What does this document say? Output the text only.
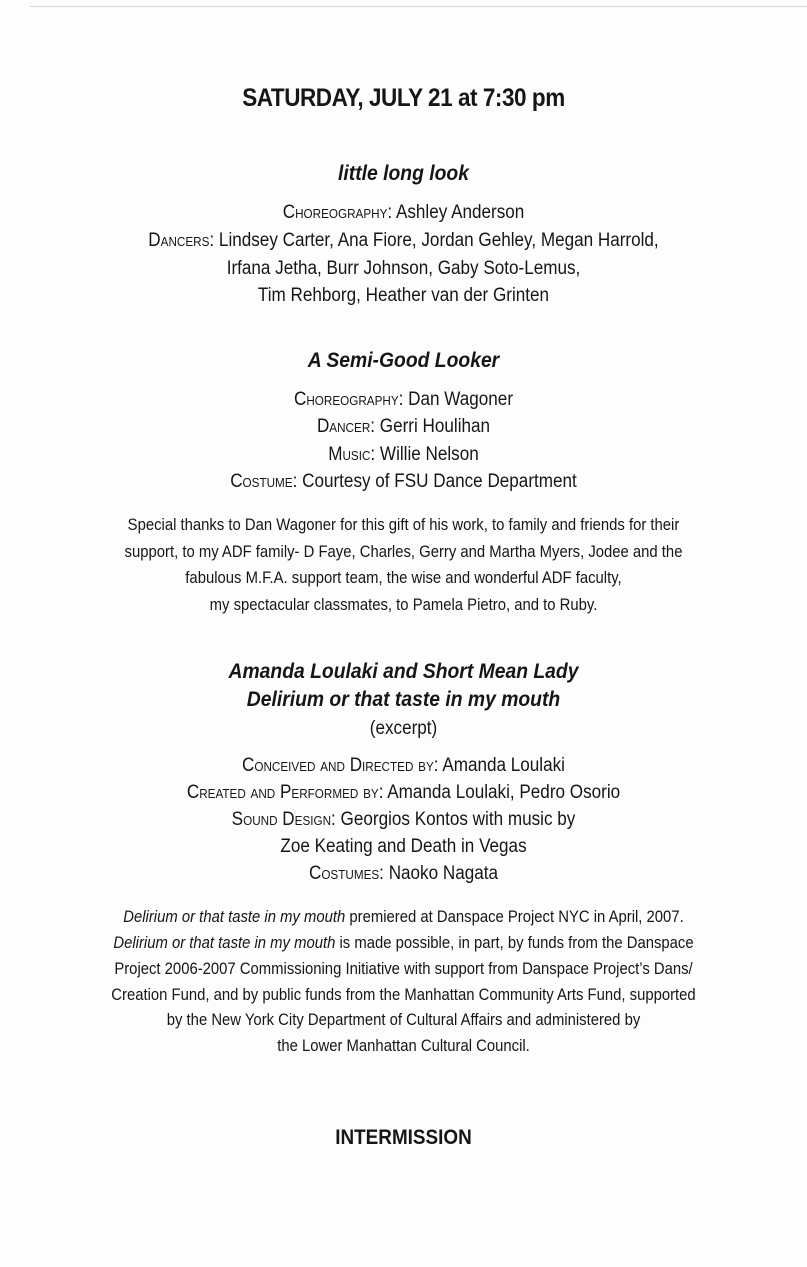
SATURDAY, JULY 21 at 7:30 pm
little long look
Choreography: Ashley Anderson
Dancers: Lindsey Carter, Ana Fiore, Jordan Gehley, Megan Harrold,
Irfana Jetha, Burr Johnson, Gaby Soto-Lemus,
Tim Rehborg, Heather van der Grinten
A Semi-Good Looker
Choreography: Dan Wagoner
Dancer: Gerri Houlihan
Music: Willie Nelson
Costume: Courtesy of FSU Dance Department
Special thanks to Dan Wagoner for this gift of his work, to family and friends for their
support, to my ADF family- D Faye, Charles, Gerry and Martha Myers, Jodee and the
fabulous M.F.A. support team, the wise and wonderful ADF faculty,
my spectacular classmates, to Pamela Pietro, and to Ruby.
Amanda Loulaki and Short Mean Lady
Delirium or that taste in my mouth
(excerpt)
Conceived and Directed by: Amanda Loulaki
Created and Performed by: Amanda Loulaki, Pedro Osorio
Sound Design: Georgios Kontos with music by
Zoe Keating and Death in Vegas
Costumes: Naoko Nagata
Delirium or that taste in my mouth premiered at Danspace Project NYC in April, 2007.
Delirium or that taste in my mouth is made possible, in part, by funds from the Danspace
Project 2006-2007 Commissioning Initiative with support from Danspace Project’s Dans/
Creation Fund, and by public funds from the Manhattan Community Arts Fund, supported
by the New York City Department of Cultural Affairs and administered by
the Lower Manhattan Cultural Council.
INTERMISSION
